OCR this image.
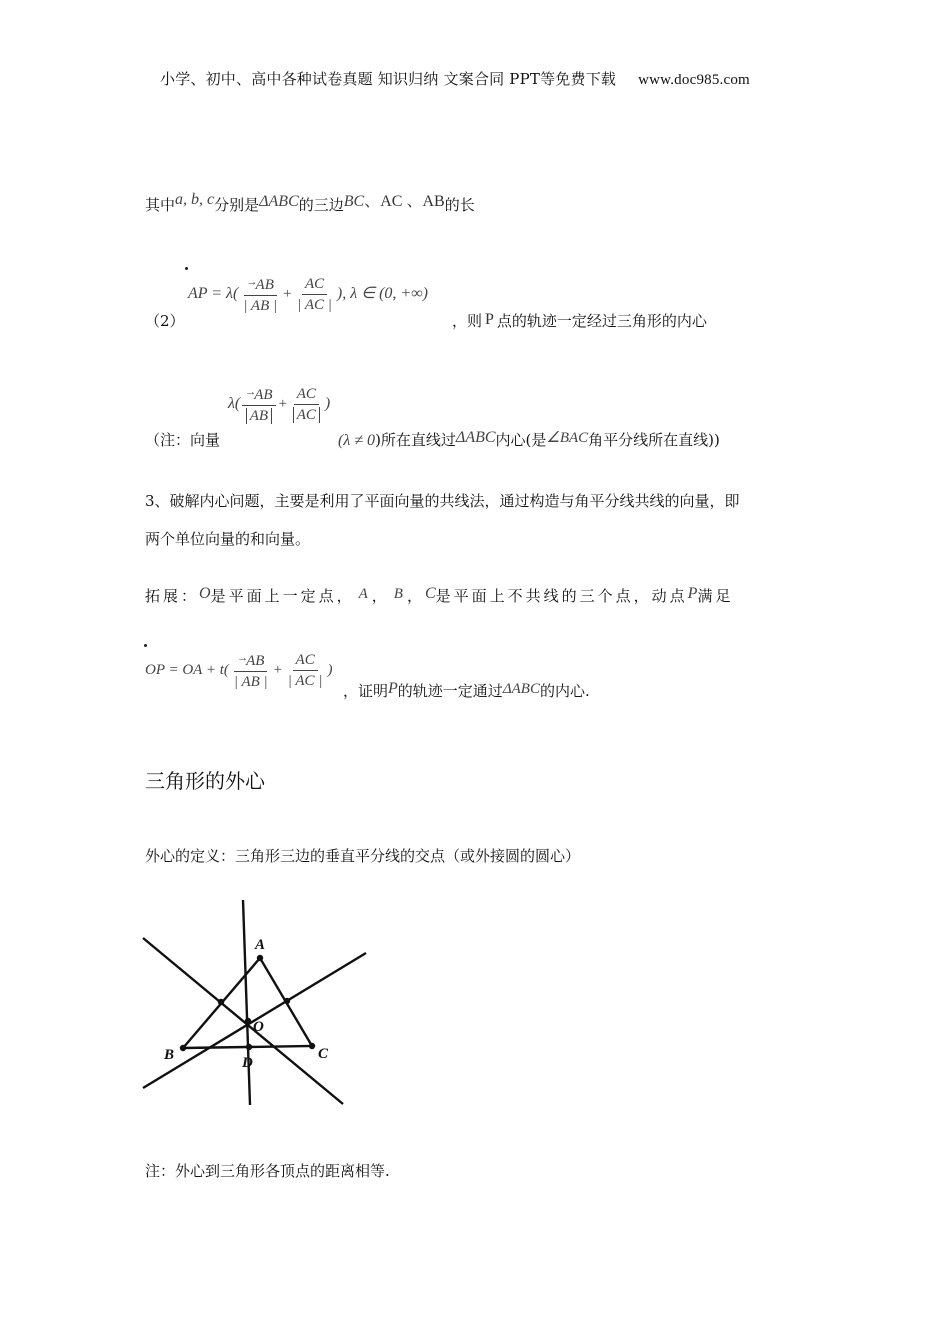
小学、初中、高中各种试卷真题 知识归纳 文案合同 PPT等免费下载 www.doc985.com
其中a, b, c分别是ΔABC的三边BC、AC 、AB的长
AP = $\lambda( \frac{^\to AB}{| AB |} + \frac{AC}{| AC |}$ ), λ ∈ (0, +∞)
（2）	，则 P 点的轨迹一定经过三角形的内心
$\lambda( \frac{^\to AB}{AB} + \frac{AC}{AC}$ )
（注：向量	(λ ≠ 0)所在直线过ΔABC内心(是∠BAC角平分线所在直线))
3、破解内心问题，主要是利用了平面向量的共线法，通过构造与角平分线共线的向量，即
两个单位向量的和向量。
拓展：O是平面上一定点， A ， B ，C是平面上不共线的三个点，动点P满足
OP = OA + $t( \frac{^\to AB}{| AB |} + \frac{AC}{| AC |}$ )
，证明P的轨迹一定通过ΔABC的内心.
三角形的外心
外心的定义：三角形三边的垂直平分线的交点（或外接圆的圆心）
A
B	C
O
D
注：外心到三角形各顶点的距离相等.
